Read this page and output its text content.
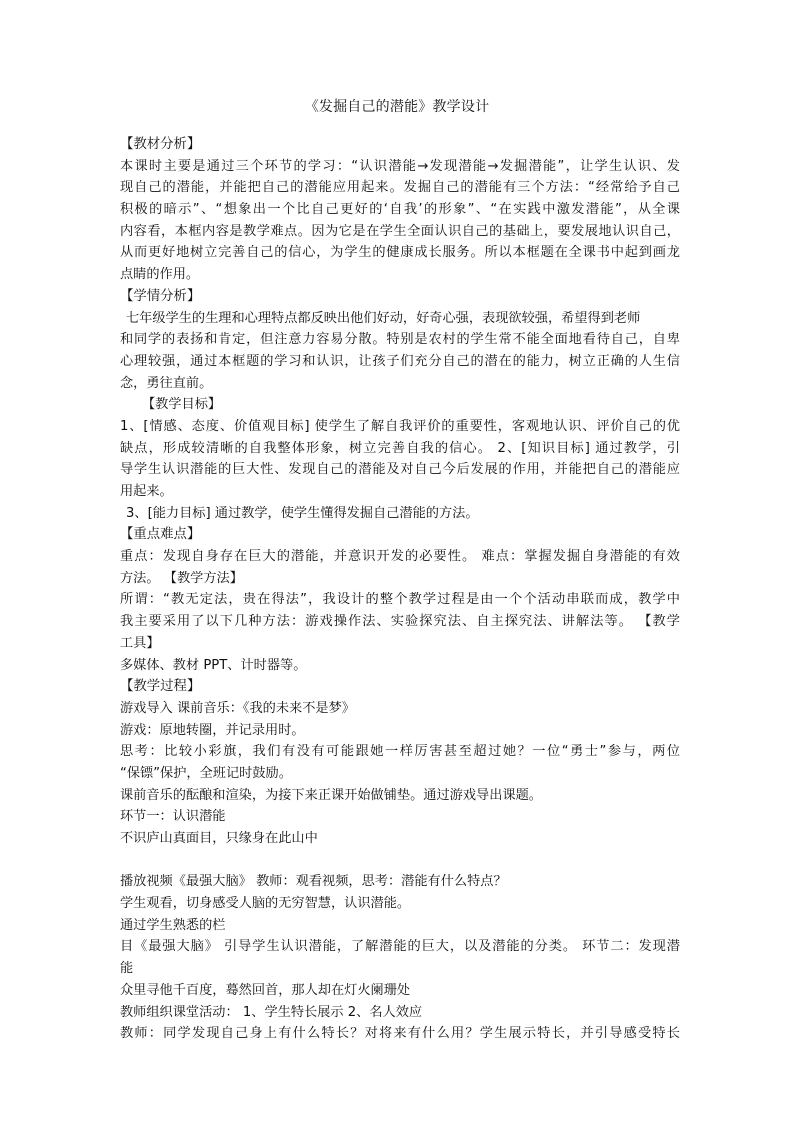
《发掘自己的潜能》教学设计
【教材分析】
本课时主要是通过三个环节的学习：“认识潜能→发现潜能→发掘潜能”，让学生认识、发
现自己的潜能，并能把自己的潜能应用起来。发掘自己的潜能有三个方法：“经常给予自己
积极的暗示”、“想象出一个比自己更好的‘自我’的形象”、“在实践中激发潜能”，从全课
内容看，本框内容是教学难点。因为它是在学生全面认识自己的基础上，要发展地认识自己，
从而更好地树立完善自己的信心，为学生的健康成长服务。所以本框题在全课书中起到画龙
点睛的作用。
【学情分析】
七年级学生的生理和心理特点都反映出他们好动，好奇心强，表现欲较强，希望得到老师
和同学的表扬和肯定，但注意力容易分散。特别是农村的学生常不能全面地看待自己，自卑
心理较强，通过本框题的学习和认识，让孩子们充分自己的潜在的能力，树立正确的人生信
念，勇往直前。
【教学目标】
1、[情感、态度、价值观目标] 使学生了解自我评价的重要性，客观地认识、评价自己的优
缺点，形成较清晰的自我整体形象，树立完善自我的信心。 2、[知识目标] 通过教学，引
导学生认识潜能的巨大性、发现自己的潜能及对自己今后发展的作用，并能把自己的潜能应
用起来。
3、[能力目标] 通过教学，使学生懂得发掘自己潜能的方法。
【重点难点】
重点：发现自身存在巨大的潜能，并意识开发的必要性。 难点：掌握发掘自身潜能的有效
方法。 【教学方法】
所谓：“教无定法，贵在得法”，我设计的整个教学过程是由一个个活动串联而成，教学中
我主要采用了以下几种方法：游戏操作法、实验探究法、自主探究法、讲解法等。 【教学
工具】
多媒体、教材 PPT、计时器等。
【教学过程】
游戏导入 课前音乐：《我的未来不是梦》
游戏：原地转圈，并记录用时。
思考：比较小彩旗，我们有没有可能跟她一样厉害甚至超过她？一位“勇士”参与，两位
“保镖”保护，全班记时鼓励。
课前音乐的酝酿和渲染，为接下来正课开始做铺垫。通过游戏导出课题。
环节一：认识潜能
不识庐山真面目，只缘身在此山中
播放视频《最强大脑》 教师：观看视频，思考：潜能有什么特点？
学生观看，切身感受人脑的无穷智慧，认识潜能。
通过学生熟悉的栏
目《最强大脑》 引导学生认识潜能，了解潜能的巨大，以及潜能的分类。 环节二：发现潜
能
众里寻他千百度，蓦然回首，那人却在灯火阑珊处
教师组织课堂活动： 1、学生特长展示 2、名人效应
教师：同学发现自己身上有什么特长？对将来有什么用？学生展示特长，并引导感受特长
